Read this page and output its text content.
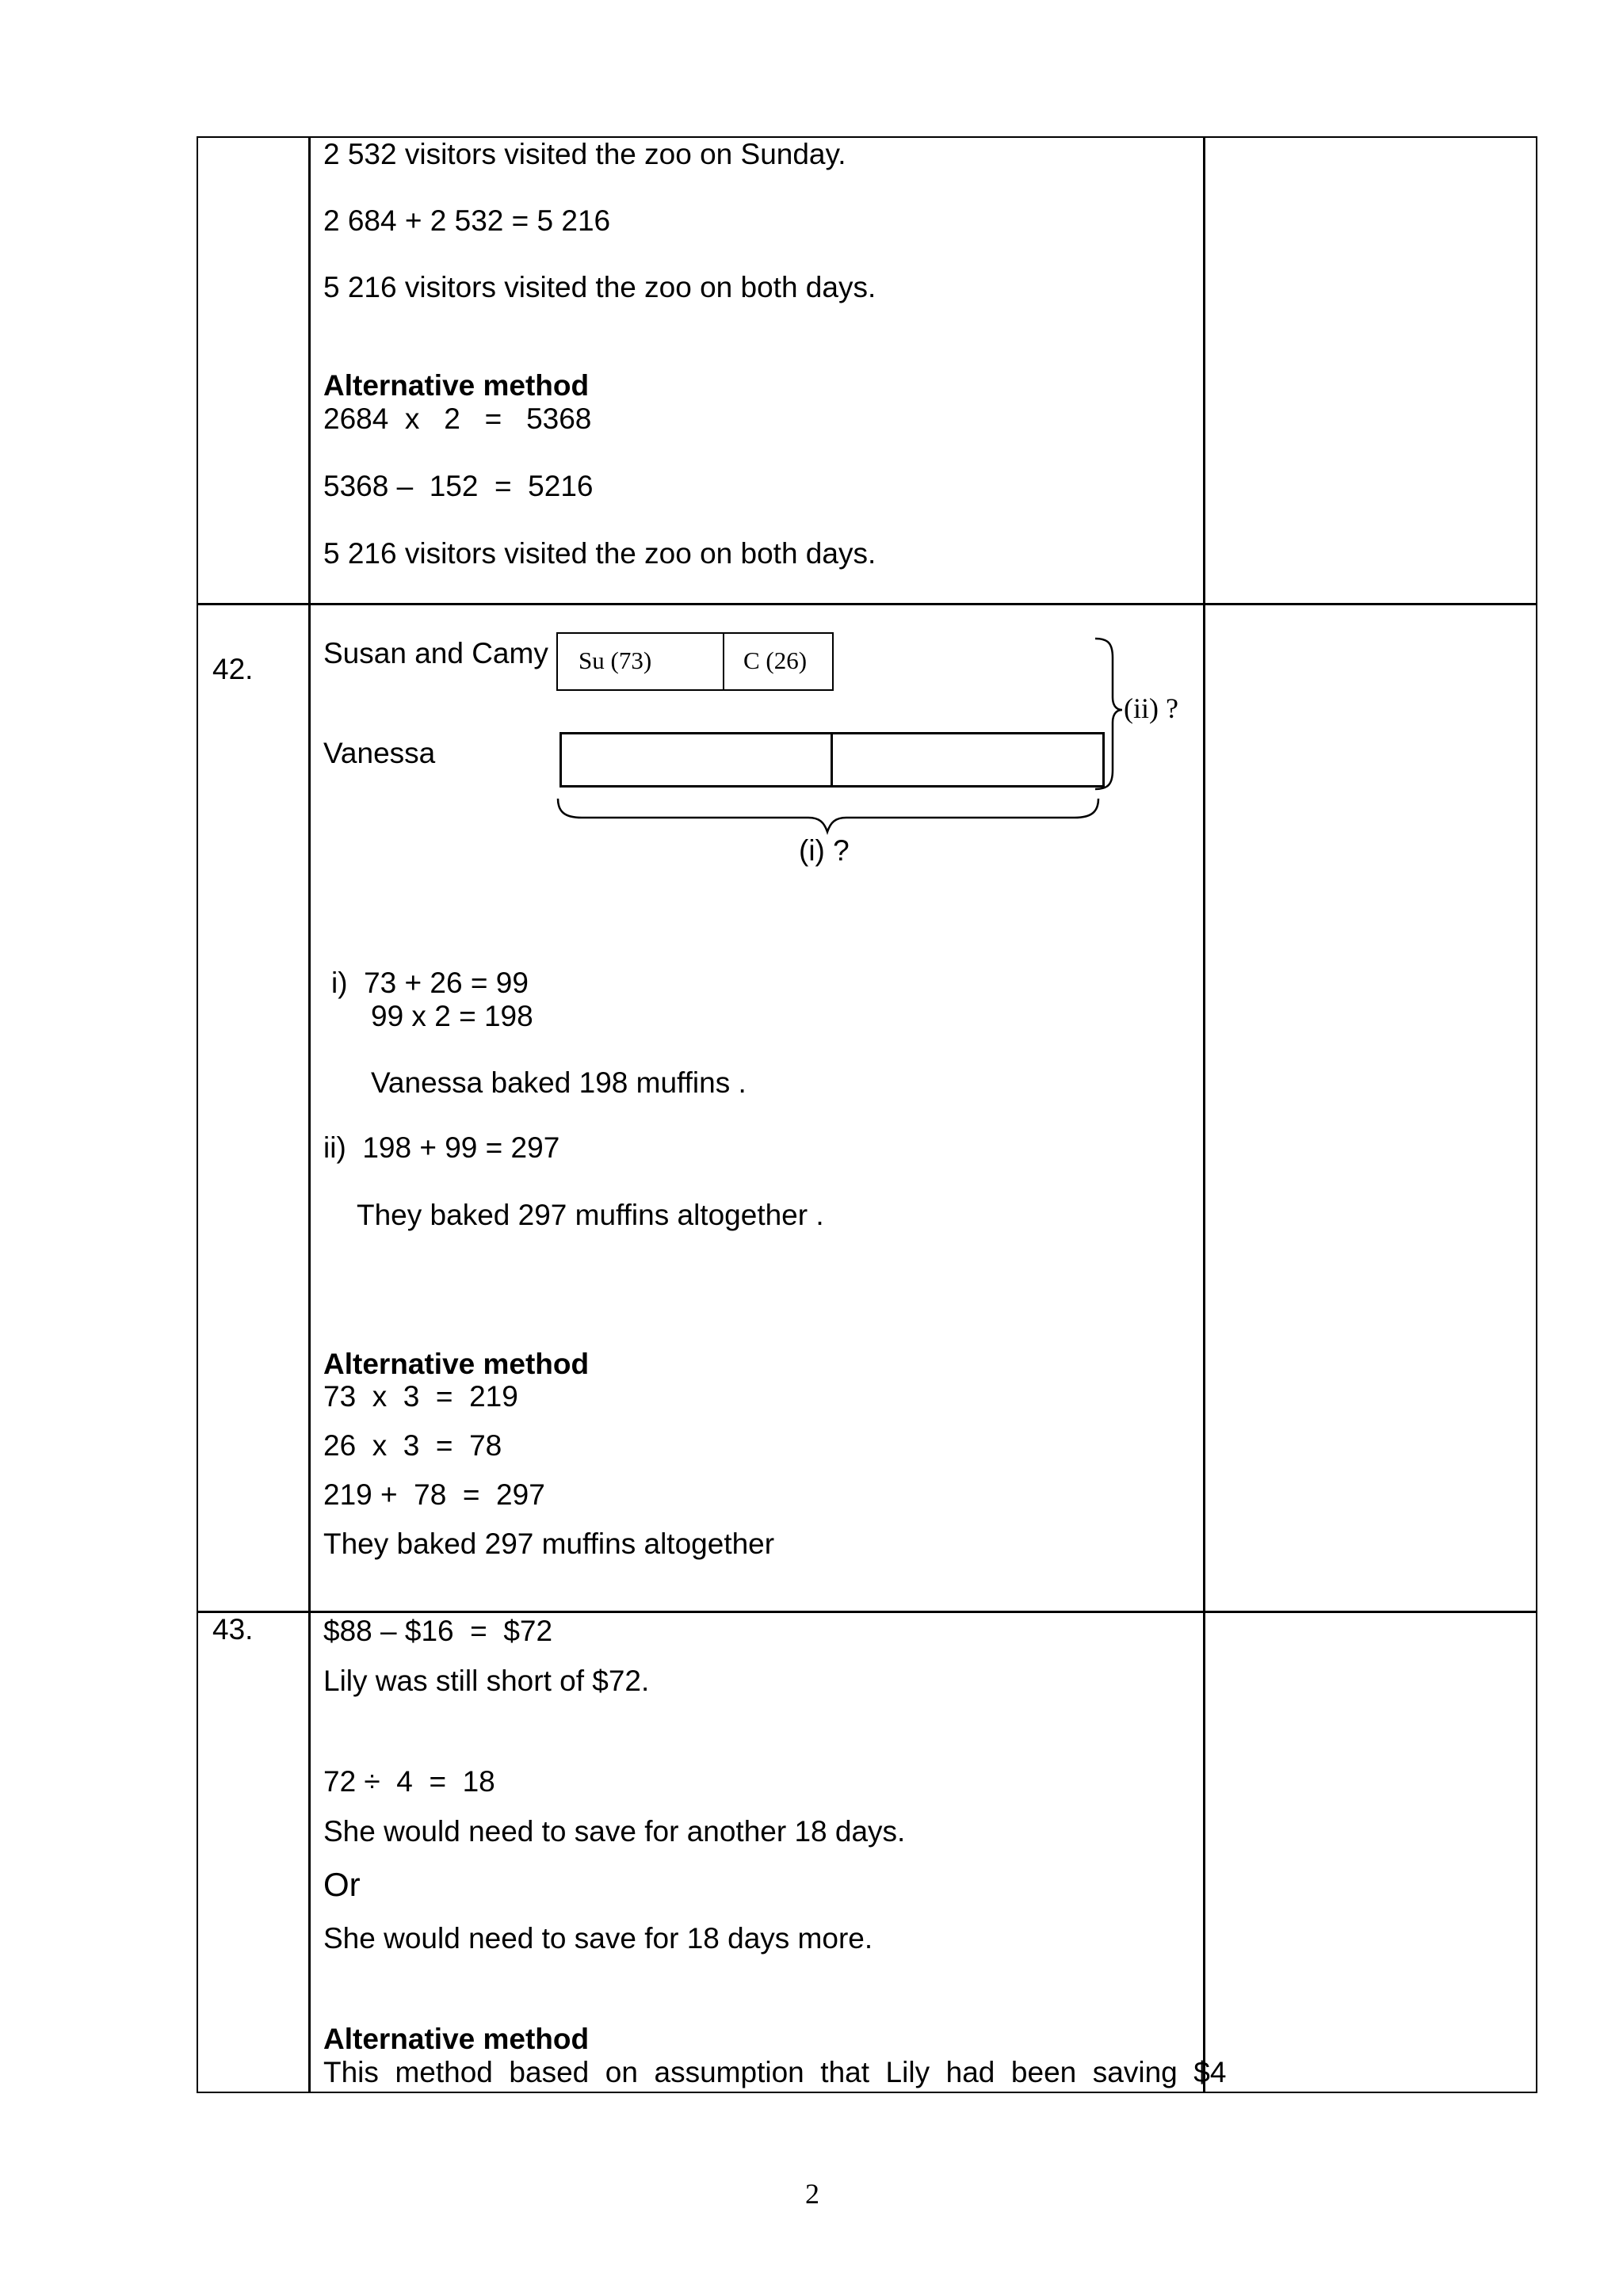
2 532 visitors visited the zoo on Sunday.
2 684 + 2 532 = 5 216
5 216 visitors visited the zoo on both days.
Alternative method
2684  x   2   =   5368
5368 –  152  =  5216
5 216 visitors visited the zoo on both days.
42. Susan and Camy
Vanessa
Su (73)	C (26)
(ii) ?
(i) ?
i)  73 + 26 = 99
99 x 2 = 198
Vanessa baked 198 muffins .
ii)  198 + 99 = 297
They baked 297 muffins altogether .
Alternative method
73  x  3  =  219
26  x  3  =  78
219 +  78  =  297
They baked 297 muffins altogether
43. $88 – $16  =  $72
Lily was still short of $72.
72 ÷  4  =  18
She would need to save for another 18 days.
Or
She would need to save for 18 days more.
Alternative method
This  method  based  on  assumption  that  Lily  had  been  saving  $4
2
